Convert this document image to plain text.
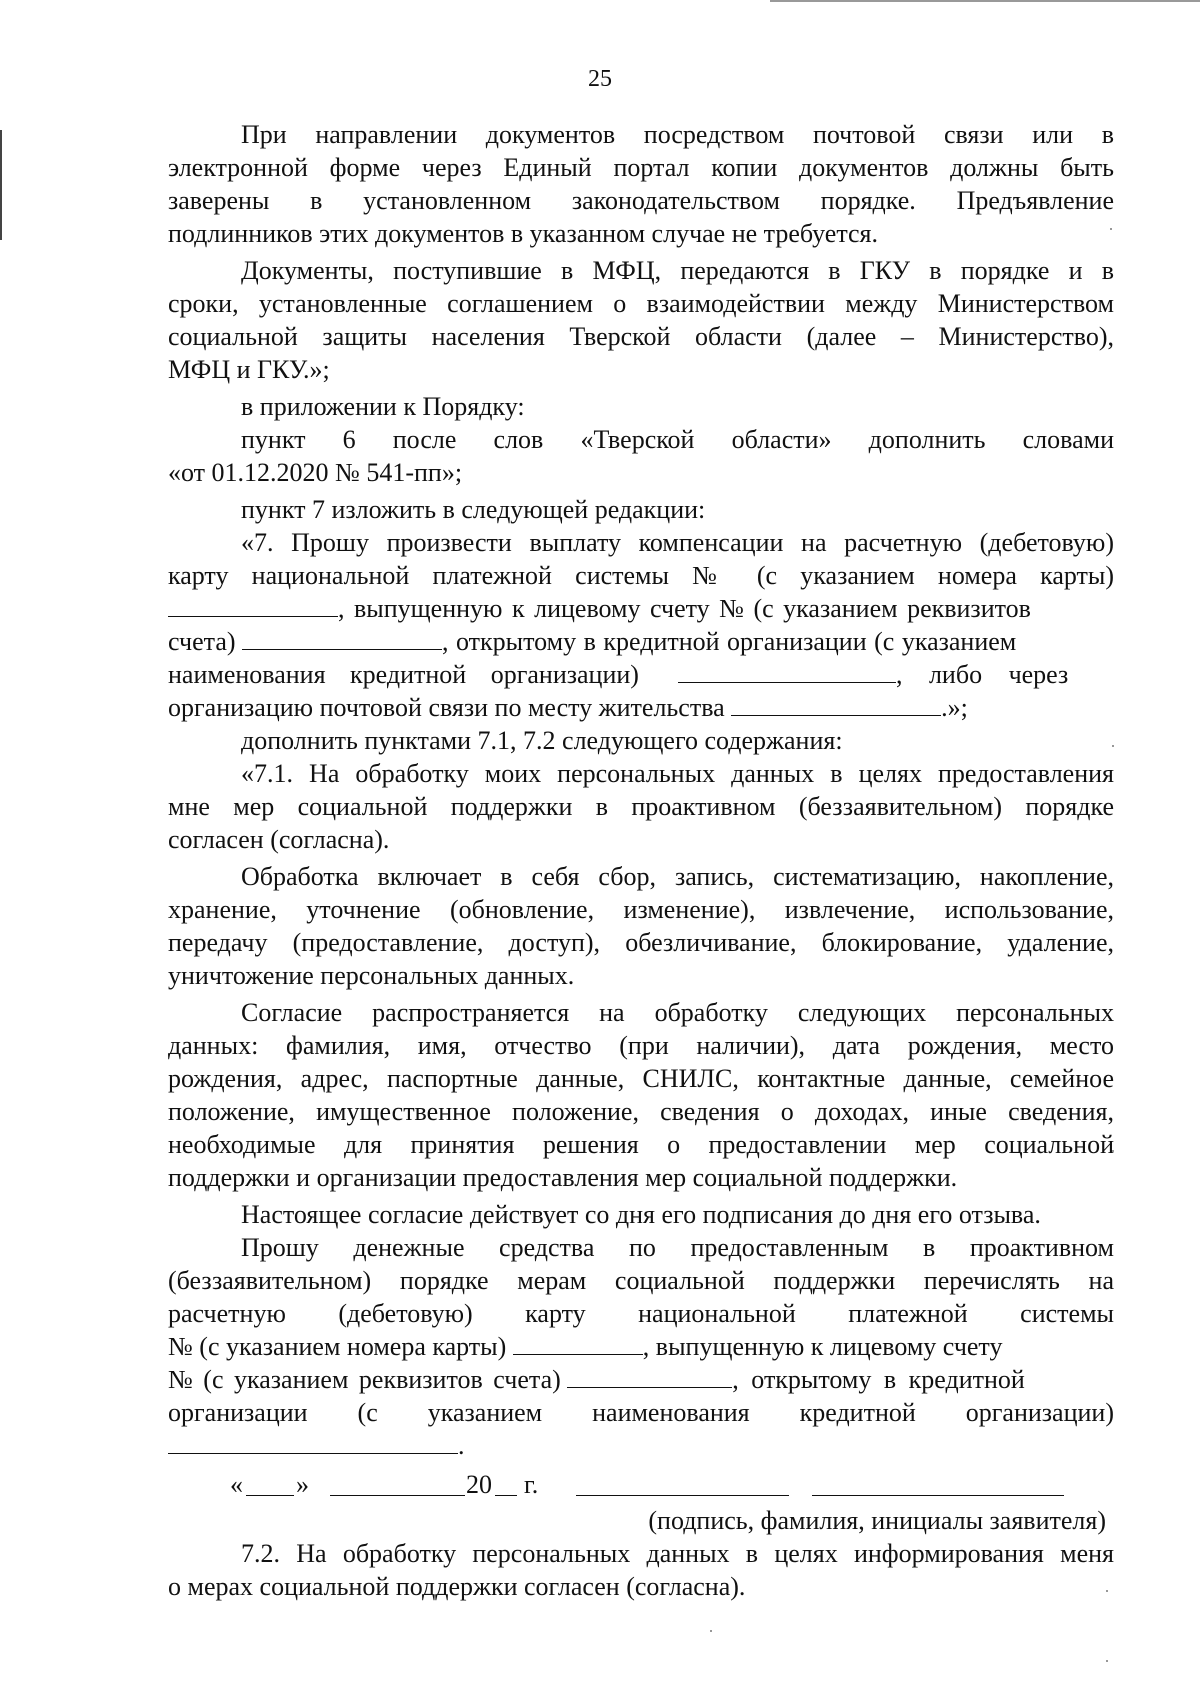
25
При направлении документов посредством почтовой связи или в
электронной форме через Единый портал копии документов должны быть
заверены в установленном законодательством порядке. Предъявление
подлинников этих документов в указанном случае не требуется.
Документы, поступившие в МФЦ, передаются в ГКУ в порядке и в
сроки, установленные соглашением о взаимодействии между Министерством
социальной защиты населения Тверской области (далее – Министерство),
МФЦ и ГКУ.»;
в приложении к Порядку:
пункт 6 после слов «Тверской области» дополнить словами
«от 01.12.2020 № 541-пп»;
пункт 7 изложить в следующей редакции:
«7. Прошу произвести выплату компенсации на расчетную (дебетовую)
карту национальной платежной системы № (с указанием номера карты)
, выпущенную к лицевому счету № (с указанием реквизитов
счета)	, открытому в кредитной организации (с указанием
наименования кредитной организации)	, либо через
организацию почтовой связи по месту жительства	.»;
дополнить пунктами 7.1, 7.2 следующего содержания:
«7.1. На обработку моих персональных данных в целях предоставления
мне мер социальной поддержки в проактивном (беззаявительном) порядке
согласен (согласна).
Обработка включает в себя сбор, запись, систематизацию, накопление,
хранение, уточнение (обновление, изменение), извлечение, использование,
передачу (предоставление, доступ), обезличивание, блокирование, удаление,
уничтожение персональных данных.
Согласие распространяется на обработку следующих персональных
данных: фамилия, имя, отчество (при наличии), дата рождения, место
рождения, адрес, паспортные данные, СНИЛС, контактные данные, семейное
положение, имущественное положение, сведения о доходах, иные сведения,
необходимые для принятия решения о предоставлении мер социальной
поддержки и организации предоставления мер социальной поддержки.
Настоящее согласие действует со дня его подписания до дня его отзыва.
Прошу денежные средства по предоставленным в проактивном
(беззаявительном) порядке мерам социальной поддержки перечислять на
расчетную (дебетовую) карту национальной платежной системы
№ (с указанием номера карты)	, выпущенную к лицевому счету
№ (с указанием реквизитов счета)	, открытому в кредитной
организации (с указанием наименования кредитной организации)
.
« »	20 г.
(подпись, фамилия, инициалы заявителя)
7.2. На обработку персональных данных в целях информирования меня
о мерах социальной поддержки согласен (согласна).
